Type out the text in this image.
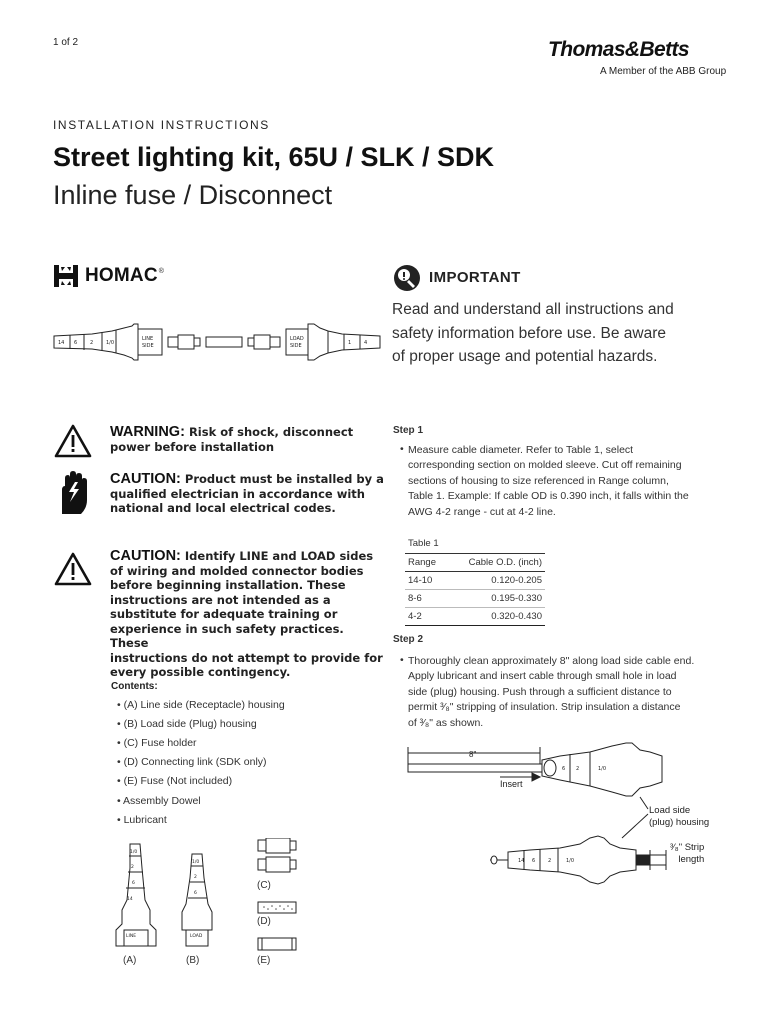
1 of 2	Thomas&Betts
A Member of the ABB Group
INSTALLATION INSTRUCTIONS
Street lighting kit, 65U / SLK / SDK
Inline fuse / Disconnect
HOMAC®
14 6	2	1/0
LINE
SIDE
LOAD
SIDE	1	4
IMPORTANT
Read and understand all instructions and
safety information before use. Be aware
of proper usage and potential hazards.
WARNING: Risk of shock, disconnect
power before installation
CAUTION: Product must be installed by a
qualified electrician in accordance with
national and local electrical codes.
CAUTION: Identify LINE and LOAD sides
of wiring and molded connector bodies
before beginning installation. These
instructions are not intended as a
substitute for adequate training or
experience in such safety practices. These
instructions do not attempt to provide for
every possible contingency.
Contents:
• (A) Line side (Receptacle) housing
• (B) Load side (Plug) housing
• (C) Fuse holder
• (D) Connecting link (SDK only)
• (E) Fuse (Not included)
• Assembly Dowel
• Lubricant
1/0
2
6
14
LINE	LOAD
1/0
2
6
(A)	(B)
(C)
(D)
(E)
Step 1
• Measure cable diameter. Refer to Table 1, select
corresponding section on molded sleeve. Cut off remaining
sections of housing to size referenced in Range column,
Table 1. Example: If cable OD is 0.390 inch, it falls within the
AWG 4-2 range - cut at 4-2 line.
Table 1	
Range	Cable O.D. (inch)
14-10	0.120-0.205
8-6	0.195-0.330
4-2	0.320-0.430
Step 2
• Thoroughly clean approximately 8" along load side cable end.
Apply lubricant and insert cable through small hole in load
side (plug) housing. Push through a sufficient distance to
permit ³⁄₈" stripping of insulation. Strip insulation a distance
of ³⁄₈" as shown.
6 2	1/0
14 6	2	1/0
8"
Insert
Load side
(plug) housing
³⁄₈" Strip
length
